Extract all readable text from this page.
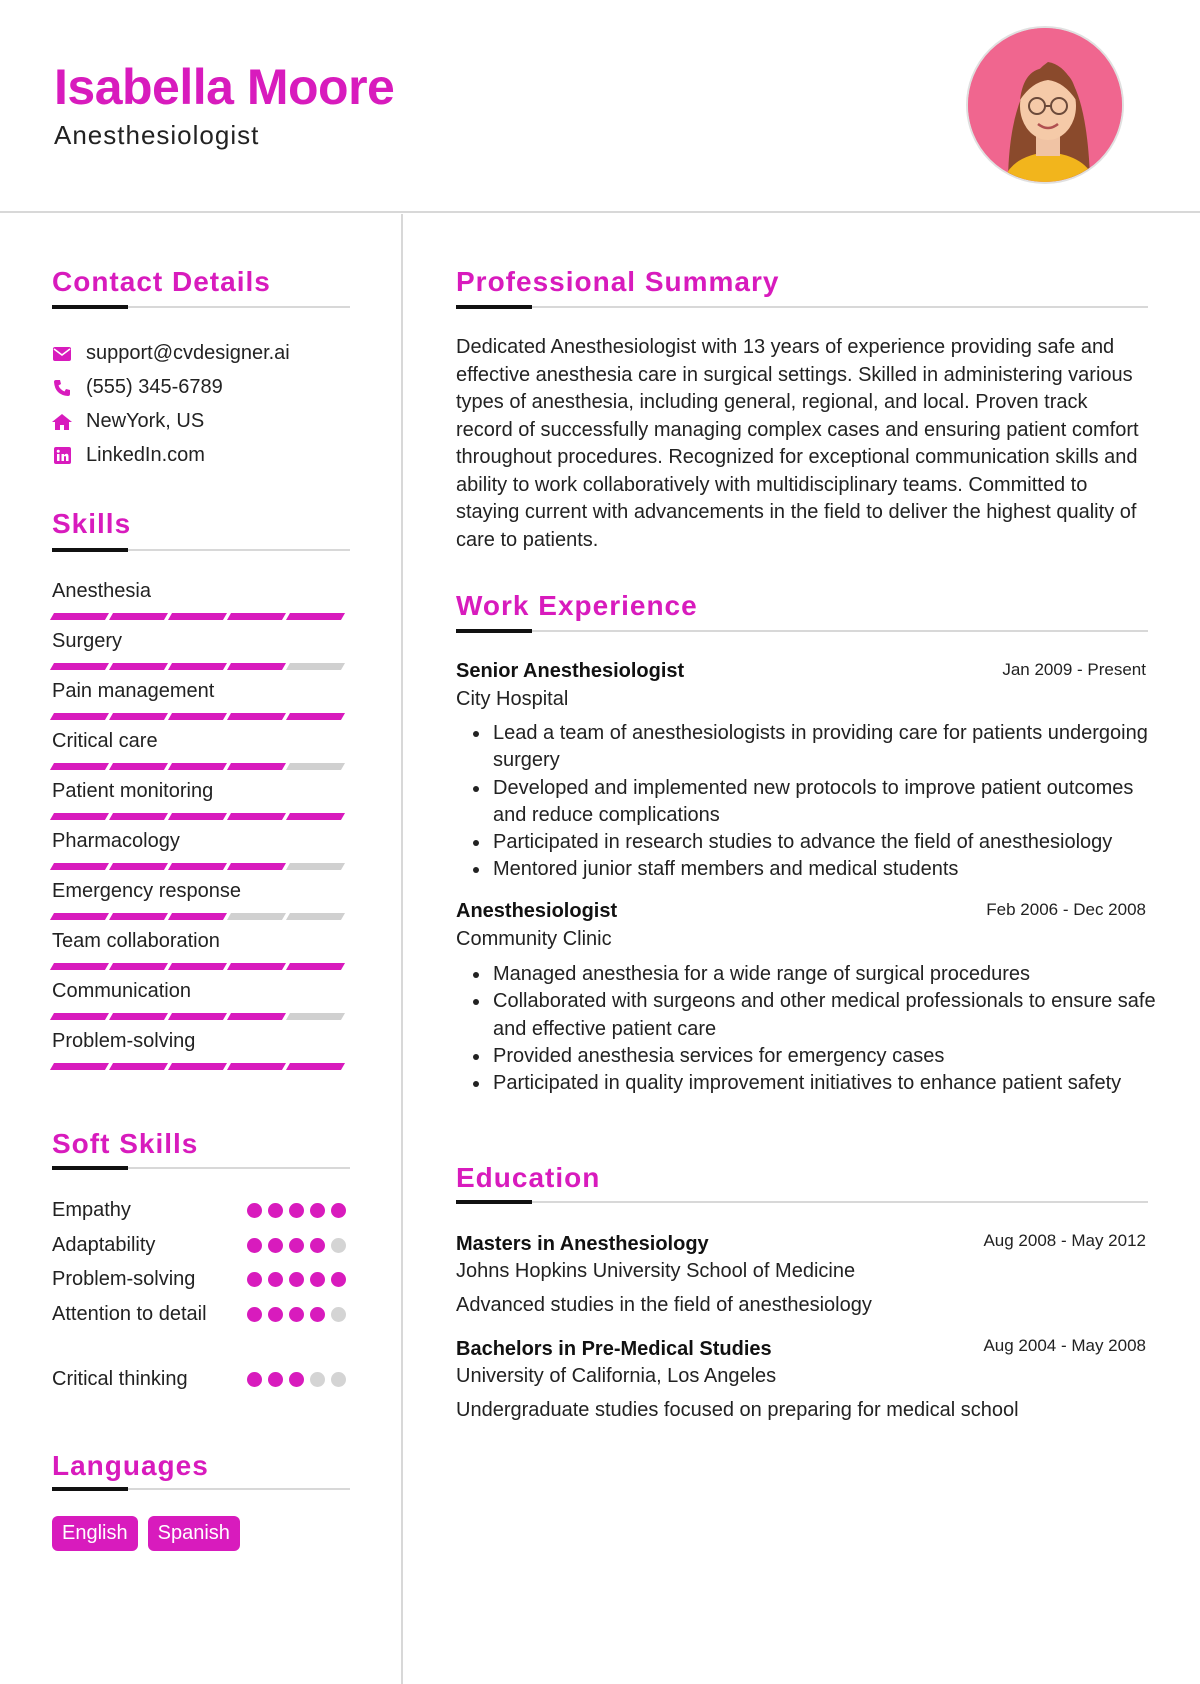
Isabella Moore
Anesthesiologist
Contact Details
support@cvdesigner.ai
(555) 345-6789
NewYork, US
LinkedIn.com
Skills
Anesthesia
Surgery
Pain management
Critical care
Patient monitoring
Pharmacology
Emergency response
Team collaboration
Communication
Problem-solving
Soft Skills
Empathy
Adaptability
Problem-solving
Attention to detail
Critical thinking
Languages
English	Spanish
Professional Summary
Dedicated Anesthesiologist with 13 years of experience providing safe and effective anesthesia care in surgical settings. Skilled in administering various types of anesthesia, including general, regional, and local. Proven track record of successfully managing complex cases and ensuring patient comfort throughout procedures. Recognized for exceptional communication skills and ability to work collaboratively with multidisciplinary teams. Committed to staying current with advancements in the field to deliver the highest quality of care to patients.
Work Experience
Senior Anesthesiologist	Jan 2009 - Present
City Hospital
Lead a team of anesthesiologists in providing care for patients undergoing surgery
Developed and implemented new protocols to improve patient outcomes and reduce complications
Participated in research studies to advance the field of anesthesiology
Mentored junior staff members and medical students
Anesthesiologist	Feb 2006 - Dec 2008
Community Clinic
Managed anesthesia for a wide range of surgical procedures
Collaborated with surgeons and other medical professionals to ensure safe and effective patient care
Provided anesthesia services for emergency cases
Participated in quality improvement initiatives to enhance patient safety
Education
Masters in Anesthesiology	Aug 2008 - May 2012
Johns Hopkins University School of Medicine
Advanced studies in the field of anesthesiology
Bachelors in Pre-Medical Studies	Aug 2004 - May 2008
University of California, Los Angeles
Undergraduate studies focused on preparing for medical school
